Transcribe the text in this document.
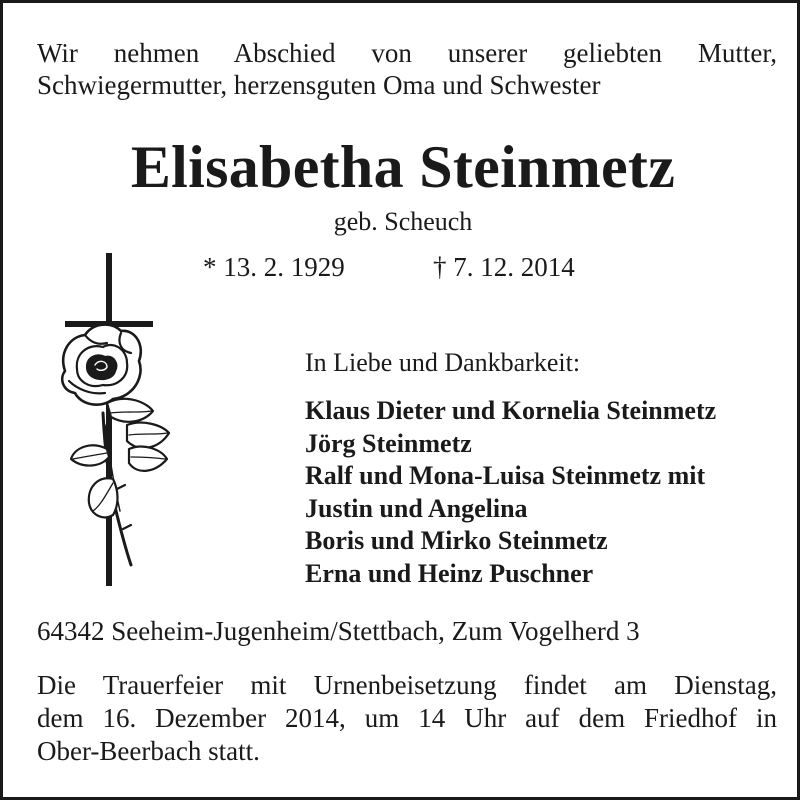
Wir nehmen Abschied von unserer geliebten Mutter,
Schwiegermutter, herzensguten Oma und Schwester
Elisabetha Steinmetz
geb. Scheuch
* 13. 2. 1929	† 7. 12. 2014
In Liebe und Dankbarkeit:
Klaus Dieter und Kornelia Steinmetz
Jörg Steinmetz
Ralf und Mona-Luisa Steinmetz mit
Justin und Angelina
Boris und Mirko Steinmetz
Erna und Heinz Puschner
64342 Seeheim-Jugenheim/Stettbach, Zum Vogelherd 3
Die Trauerfeier mit Urnenbeisetzung findet am Dienstag,
dem 16. Dezember 2014, um 14 Uhr auf dem Friedhof in
Ober-Beerbach statt.
